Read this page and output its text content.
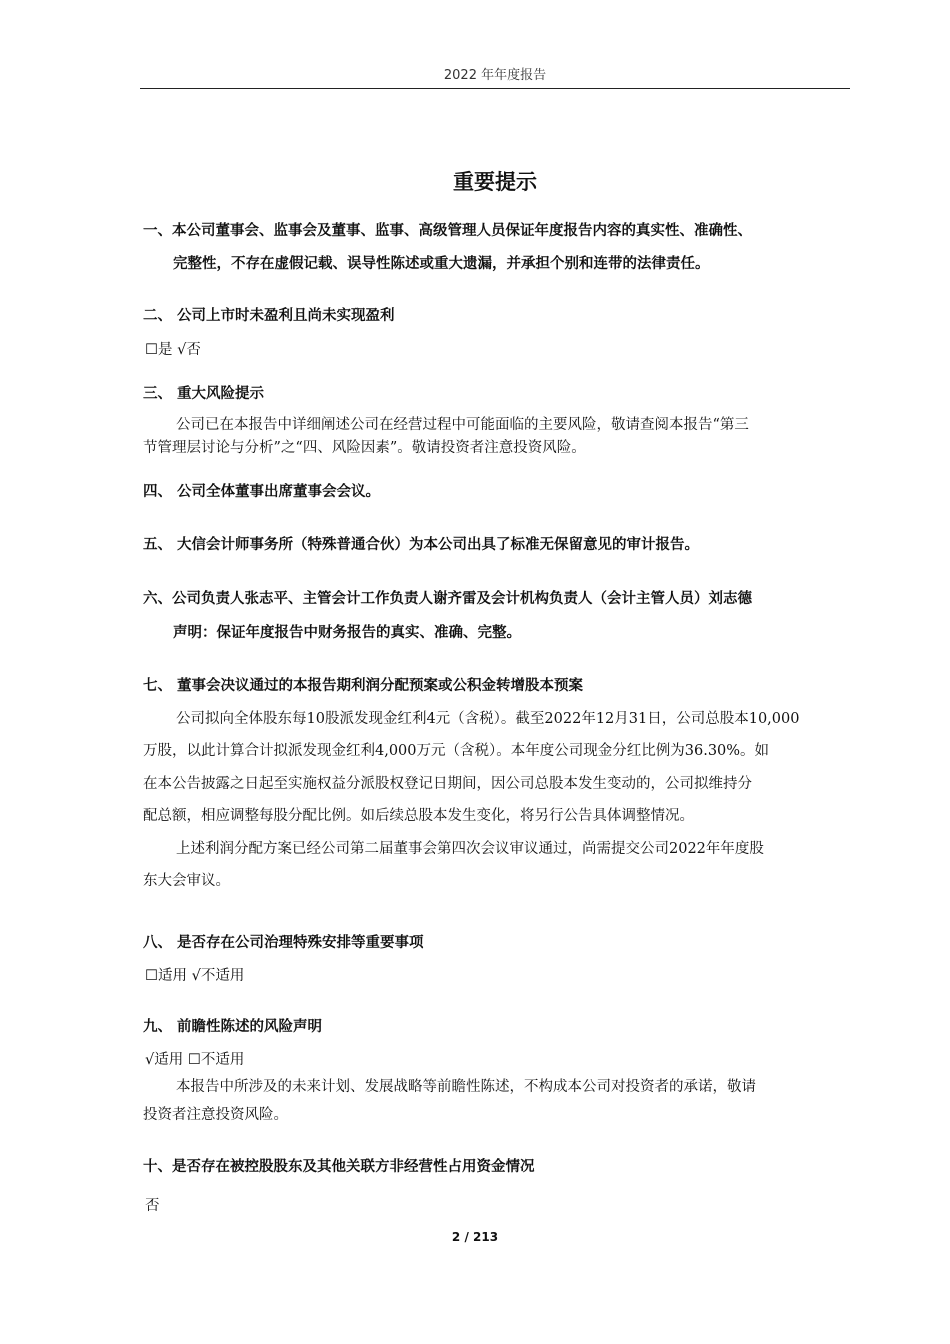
2022 年年度报告
重要提示
一、本公司董事会、监事会及董事、监事、高级管理人员保证年度报告内容的真实性、准确性、
完整性，不存在虚假记载、误导性陈述或重大遗漏，并承担个别和连带的法律责任。
二、 公司上市时未盈利且尚未实现盈利
☐是 √否
三、 重大风险提示
公司已在本报告中详细阐述公司在经营过程中可能面临的主要风险，敬请查阅本报告“第三
节管理层讨论与分析”之“四、风险因素”。敬请投资者注意投资风险。
四、 公司全体董事出席董事会会议。
五、 大信会计师事务所（特殊普通合伙）为本公司出具了标准无保留意见的审计报告。
六、公司负责人张志平、主管会计工作负责人谢齐雷及会计机构负责人（会计主管人员）刘志德
声明：保证年度报告中财务报告的真实、准确、完整。
七、 董事会决议通过的本报告期利润分配预案或公积金转增股本预案
公司拟向全体股东每10股派发现金红利4元（含税）。截至2022年12月31日，公司总股本10,000
万股，以此计算合计拟派发现金红利4,000万元（含税）。本年度公司现金分红比例为36.30%。如
在本公告披露之日起至实施权益分派股权登记日期间，因公司总股本发生变动的，公司拟维持分
配总额，相应调整每股分配比例。如后续总股本发生变化，将另行公告具体调整情况。
上述利润分配方案已经公司第二届董事会第四次会议审议通过，尚需提交公司2022年年度股
东大会审议。
八、 是否存在公司治理特殊安排等重要事项
☐适用 √不适用
九、 前瞻性陈述的风险声明
√适用 ☐不适用
本报告中所涉及的未来计划、发展战略等前瞻性陈述，不构成本公司对投资者的承诺，敬请
投资者注意投资风险。
十、是否存在被控股股东及其他关联方非经营性占用资金情况
否
2 / 213
